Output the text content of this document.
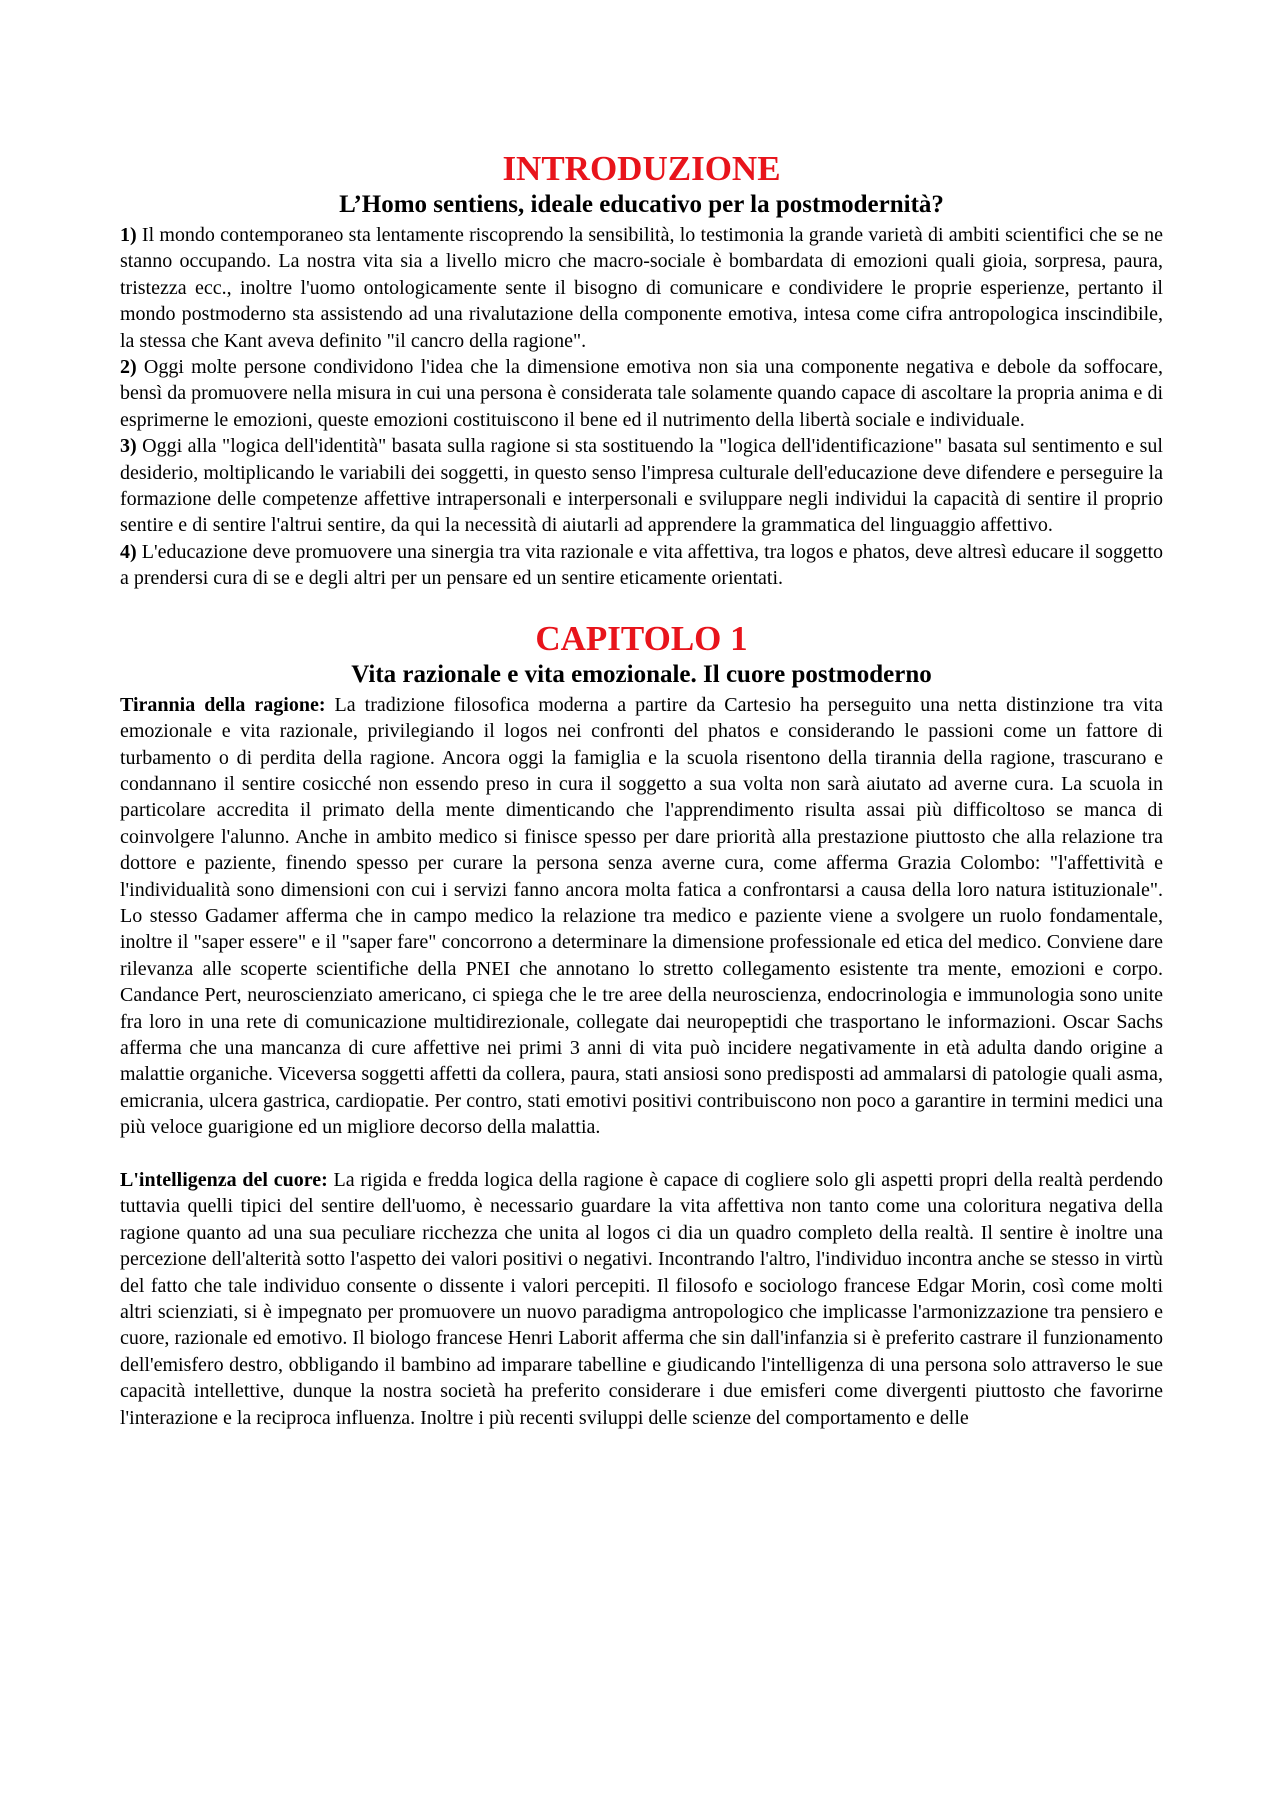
INTRODUZIONE
L’Homo sentiens, ideale educativo per la postmodernità?

1) Il mondo contemporaneo sta lentamente riscoprendo la sensibilità, lo testimonia la grande varietà di ambiti scientifici che se ne stanno occupando. La nostra vita sia a livello micro che macro-sociale è bombardata di emozioni quali gioia, sorpresa, paura, tristezza ecc., inoltre l'uomo ontologicamente sente il bisogno di comunicare e condividere le proprie esperienze, pertanto il mondo postmoderno sta assistendo ad una rivalutazione della componente emotiva, intesa come cifra antropologica inscindibile, la stessa che Kant aveva definito "il cancro della ragione".

2) Oggi molte persone condividono l'idea che la dimensione emotiva non sia una componente negativa e debole da soffocare, bensì da promuovere nella misura in cui una persona è considerata tale solamente quando capace di ascoltare la propria anima e di esprimerne le emozioni, queste emozioni costituiscono il bene ed il nutrimento della libertà sociale e individuale.

3) Oggi alla "logica dell'identità" basata sulla ragione si sta sostituendo la "logica dell'identificazione" basata sul sentimento e sul desiderio, moltiplicando le variabili dei soggetti, in questo senso l'impresa culturale dell'educazione deve difendere e perseguire la formazione delle competenze affettive intrapersonali e interpersonali e sviluppare negli individui la capacità di sentire il proprio sentire e di sentire l'altrui sentire, da qui la necessità di aiutarli ad apprendere la grammatica del linguaggio affettivo.

4) L'educazione deve promuovere una sinergia tra vita razionale e vita affettiva, tra logos e phatos, deve altresì educare il soggetto a prendersi cura di se e degli altri per un pensare ed un sentire eticamente orientati.

CAPITOLO 1
Vita razionale e vita emozionale. Il cuore postmoderno

Tirannia della ragione: La tradizione filosofica moderna a partire da Cartesio ha perseguito una netta distinzione tra vita emozionale e vita razionale, privilegiando il logos nei confronti del phatos e considerando le passioni come un fattore di turbamento o di perdita della ragione. Ancora oggi la famiglia e la scuola risentono della tirannia della ragione, trascurano e condannano il sentire cosicché non essendo preso in cura il soggetto a sua volta non sarà aiutato ad averne cura. La scuola in particolare accredita il primato della mente dimenticando che l'apprendimento risulta assai più difficoltoso se manca di coinvolgere l'alunno. Anche in ambito medico si finisce spesso per dare priorità alla prestazione piuttosto che alla relazione tra dottore e paziente, finendo spesso per curare la persona senza averne cura, come afferma Grazia Colombo: "l'affettività e l'individualità sono dimensioni con cui i servizi fanno ancora molta fatica a confrontarsi a causa della loro natura istituzionale". Lo stesso Gadamer afferma che in campo medico la relazione tra medico e paziente viene a svolgere un ruolo fondamentale, inoltre il "saper essere" e il "saper fare" concorrono a determinare la dimensione professionale ed etica del medico. Conviene dare rilevanza alle scoperte scientifiche della PNEI che annotano lo stretto collegamento esistente tra mente, emozioni e corpo. Candance Pert, neuroscienziato americano, ci spiega che le tre aree della neuroscienza, endocrinologia e immunologia sono unite fra loro in una rete di comunicazione multidirezionale, collegate dai neuropeptidi che trasportano le informazioni. Oscar Sachs afferma che una mancanza di cure affettive nei primi 3 anni di vita può incidere negativamente in età adulta dando origine a malattie organiche. Viceversa soggetti affetti da collera, paura, stati ansiosi sono predisposti ad ammalarsi di patologie quali asma, emicrania, ulcera gastrica, cardiopatie. Per contro, stati emotivi positivi contribuiscono non poco a garantire in termini medici una più veloce guarigione ed un migliore decorso della malattia.

L'intelligenza del cuore: La rigida e fredda logica della ragione è capace di cogliere solo gli aspetti propri della realtà perdendo tuttavia quelli tipici del sentire dell'uomo, è necessario guardare la vita affettiva non tanto come una coloritura negativa della ragione quanto ad una sua peculiare ricchezza che unita al logos ci dia un quadro completo della realtà. Il sentire è inoltre una percezione dell'alterità sotto l'aspetto dei valori positivi o negativi. Incontrando l'altro, l'individuo incontra anche se stesso in virtù del fatto che tale individuo consente o dissente i valori percepiti. Il filosofo e sociologo francese Edgar Morin, così come molti altri scienziati, si è impegnato per promuovere un nuovo paradigma antropologico che implicasse l'armonizzazione tra pensiero e cuore, razionale ed emotivo. Il biologo francese Henri Laborit afferma che sin dall'infanzia si è preferito castrare il funzionamento dell'emisfero destro, obbligando il bambino ad imparare tabelline e giudicando l'intelligenza di una persona solo attraverso le sue capacità intellettive, dunque la nostra società ha preferito considerare i due emisferi come divergenti piuttosto che favorirne l'interazione e la reciproca influenza. Inoltre i più recenti sviluppi delle scienze del comportamento e delle
